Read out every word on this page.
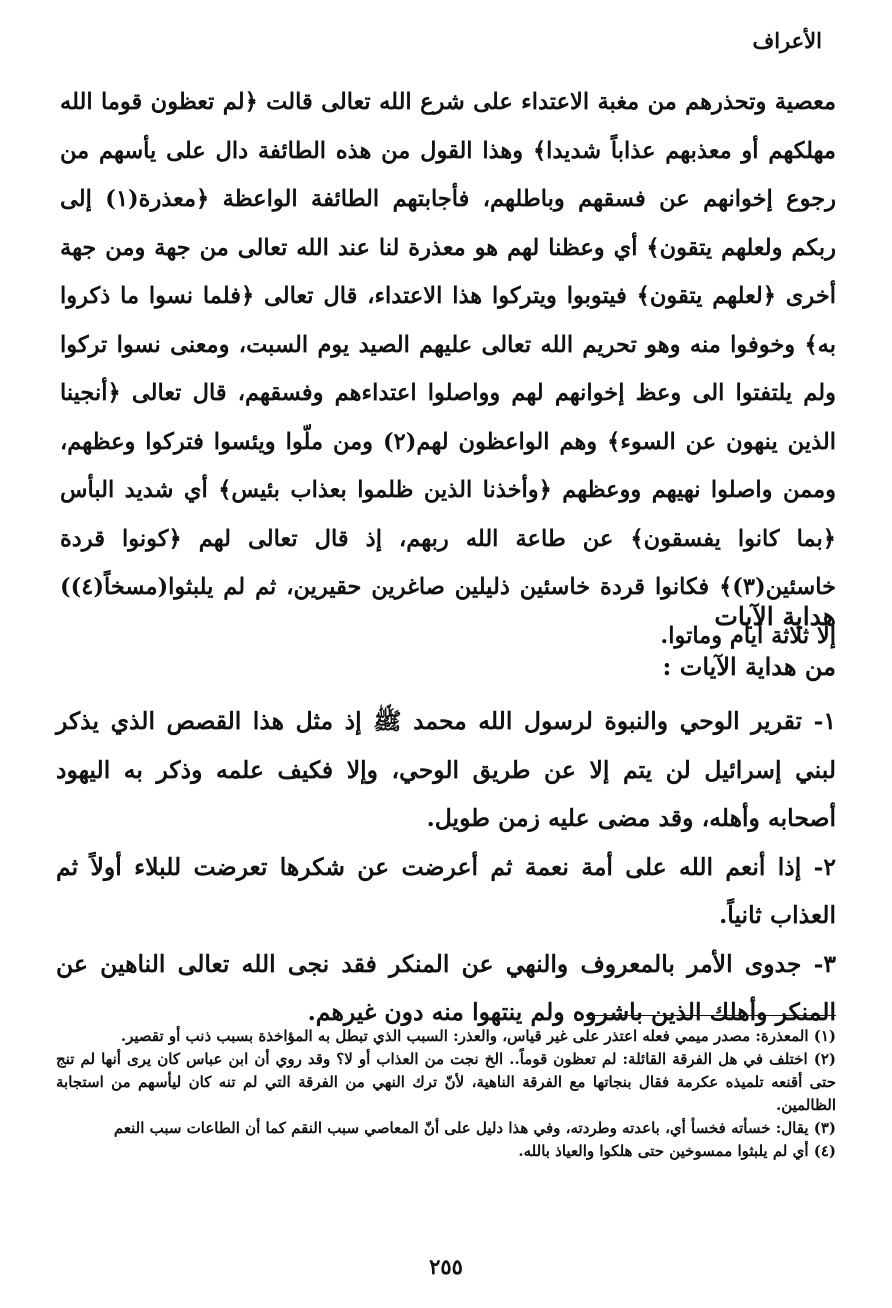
الأعراف

معصية وتحذرهم من مغبة الاعتداء على شرع الله تعالى قالت ﴿لم تعظون قوما الله مهلكهم أو معذبهم عذاباً شديدا﴾ وهذا القول من هذه الطائفة دال على يأسهم من رجوع إخوانهم عن فسقهم وباطلهم، فأجابتهم الطائفة الواعظة ﴿معذرة(١) إلى ربكم ولعلهم يتقون﴾ أي وعظنا لهم هو معذرة لنا عند الله تعالى من جهة ومن جهة أخرى ﴿لعلهم يتقون﴾ فيتوبوا ويتركوا هذا الاعتداء، قال تعالى ﴿فلما نسوا ما ذكروا به﴾ وخوفوا منه وهو تحريم الله تعالى عليهم الصيد يوم السبت، ومعنى نسوا تركوا ولم يلتفتوا الى وعظ إخوانهم لهم وواصلوا اعتداءهم وفسقهم، قال تعالى ﴿أنجينا الذين ينهون عن السوء﴾ وهم الواعظون لهم(٢) ومن ملّوا ويئسوا فتركوا وعظهم، وممن واصلوا نهيهم ووعظهم ﴿وأخذنا الذين ظلموا بعذاب بئيس﴾ أي شديد البأس ﴿بما كانوا يفسقون﴾ عن طاعة الله ربهم، إذ قال تعالى لهم ﴿كونوا قردة خاسئين(٣)﴾ فكانوا قردة خاسئين ذليلين صاغرين حقيرين، ثم لم يلبثوا(مسخاً(٤)) إلا ثلاثة أيام وماتوا.

هداية الآيات
من هداية الآيات :

١- تقرير الوحي والنبوة لرسول الله محمد ﷺ إذ مثل هذا القصص الذي يذكر لبني إسرائيل لن يتم إلا عن طريق الوحي، وإلا فكيف علمه وذكر به اليهود أصحابه وأهله، وقد مضى عليه زمن طويل.

٢- إذا أنعم الله على أمة نعمة ثم أعرضت عن شكرها تعرضت للبلاء أولاً ثم العذاب ثانياً.

٣- جدوى الأمر بالمعروف والنهي عن المنكر فقد نجى الله تعالى الناهين عن المنكر وأهلك الذين باشروه ولم ينتهوا منه دون غيرهم.

(١) المعذرة: مصدر ميمي فعله اعتذر على غير قياس، والعذر: السبب الذي تبطل به المؤاخذة بسبب ذنب أو تقصير.

(٢) اختلف في هل الفرقة القائلة: لم تعظون قوماً.. الخ نجت من العذاب أو لا؟ وقد روي أن ابن عباس كان يرى أنها لم تنج حتى أقنعه تلميذه عكرمة فقال بنجاتها مع الفرقة الناهية، لأنّ ترك النهي من الفرقة التي لم تنه كان ليأسهم من استجابة الظالمين.

(٣) يقال: خسأته فخسأ أي، باعدته وطردته، وفي هذا دليل على أنّ المعاصي سبب النقم كما أن الطاعات سبب النعم

(٤) أي لم يلبثوا ممسوخين حتى هلكوا والعياذ بالله.

٢٥٥
